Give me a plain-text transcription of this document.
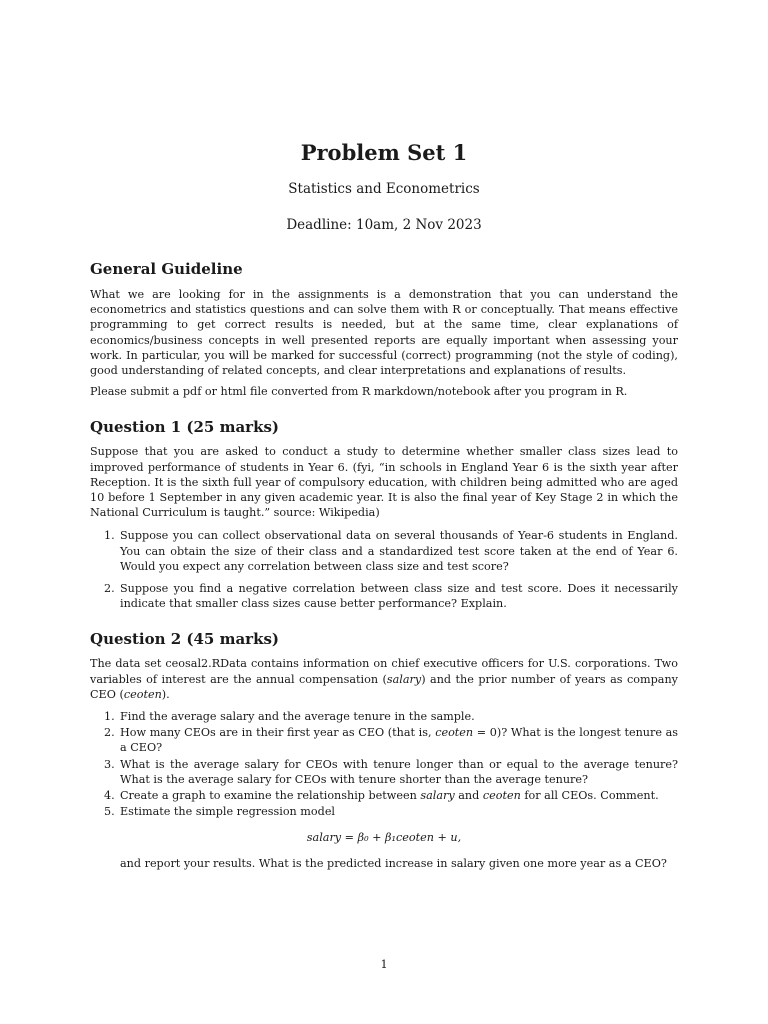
Problem Set 1
Statistics and Econometrics
Deadline: 10am, 2 Nov 2023
General Guideline

What we are looking for in the assignments is a demonstration that you can understand the econometrics and statistics questions and can solve them with R or conceptually. That means effective programming to get correct results is needed, but at the same time, clear explanations of economics/business concepts in well presented reports are equally important when assessing your work. In particular, you will be marked for successful (correct) programming (not the style of coding), good understanding of related concepts, and clear interpretations and explanations of results.

Please submit a pdf or html file converted from R markdown/notebook after you program in R.

Question 1 (25 marks)

Suppose that you are asked to conduct a study to determine whether smaller class sizes lead to improved performance of students in Year 6. (fyi, “in schools in England Year 6 is the sixth year after Reception. It is the sixth full year of compulsory education, with children being admitted who are aged 10 before 1 September in any given academic year. It is also the final year of Key Stage 2 in which the National Curriculum is taught.” source: Wikipedia)

1. Suppose you can collect observational data on several thousands of Year-6 students in England. You can obtain the size of their class and a standardized test score taken at the end of Year 6. Would you expect any correlation between class size and test score?
2. Suppose you find a negative correlation between class size and test score. Does it necessarily indicate that smaller class sizes cause better performance? Explain.
Question 2 (45 marks)

The data set ceosal2.RData contains information on chief executive officers for U.S. corporations. Two variables of interest are the annual compensation (salary) and the prior number of years as company CEO (ceoten).

1. Find the average salary and the average tenure in the sample.
2. How many CEOs are in their first year as CEO (that is, ceoten = 0)? What is the longest tenure as a CEO?
3. What is the average salary for CEOs with tenure longer than or equal to the average tenure? What is the average salary for CEOs with tenure shorter than the average tenure?
4. Create a graph to examine the relationship between salary and ceoten for all CEOs. Comment.
5. Estimate the simple regression model
salary = β₀ + β₁ceoten + u,
and report your results. What is the predicted increase in salary given one more year as a CEO?
1
